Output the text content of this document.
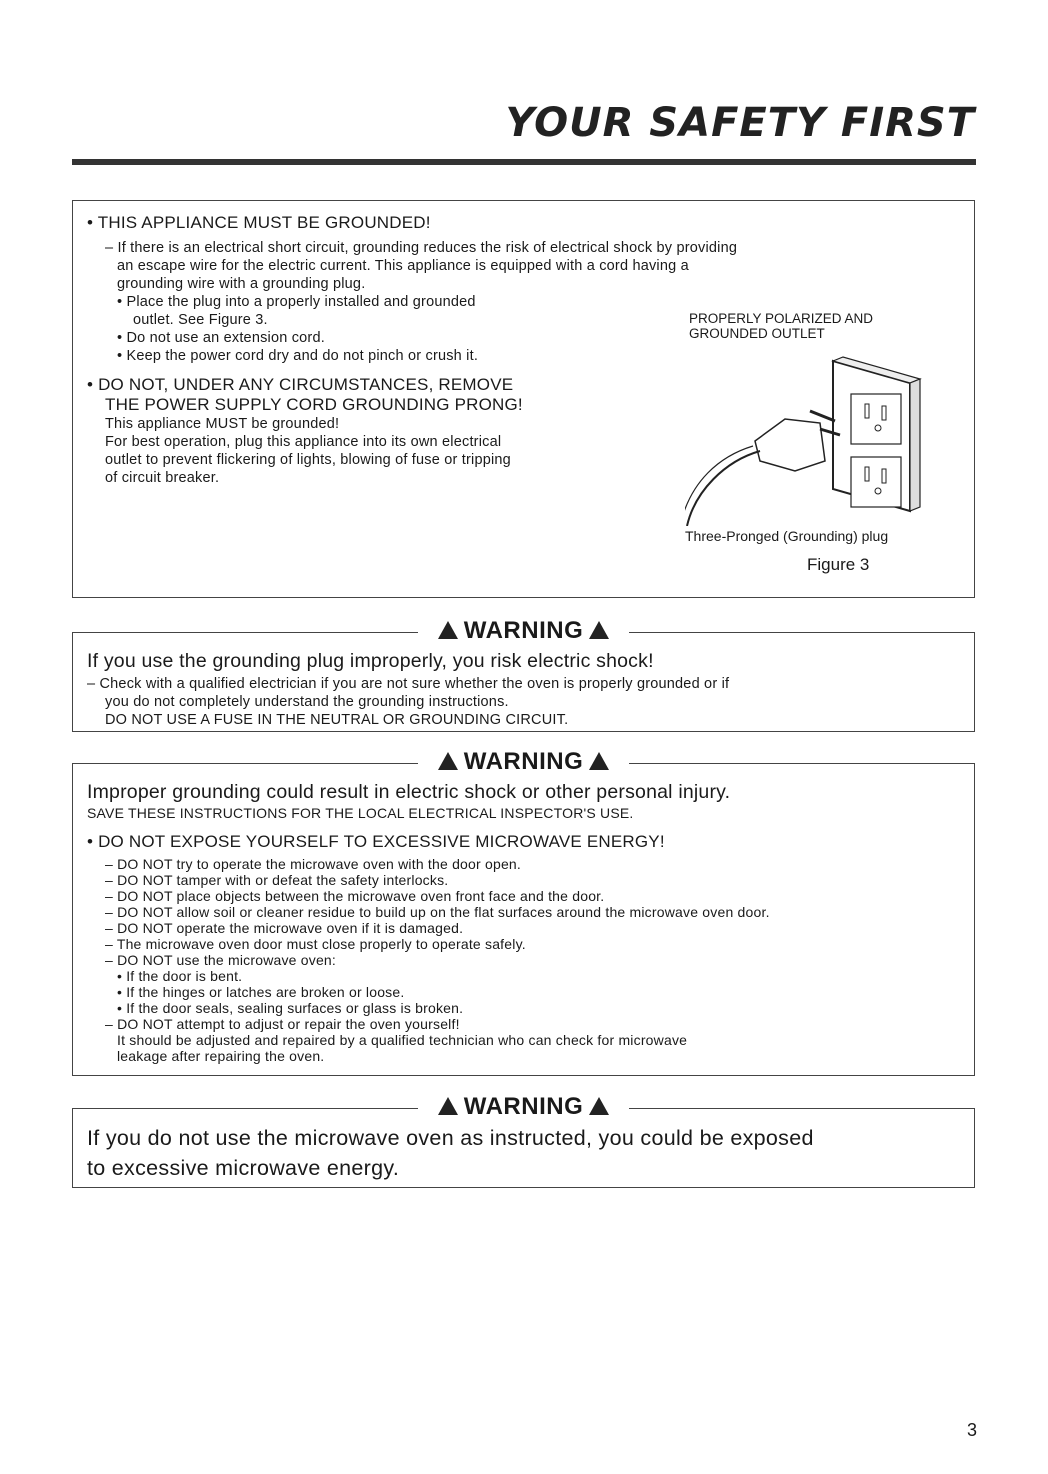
YOUR SAFETY FIRST

• THIS APPLIANCE MUST BE GROUNDED!

– If there is an electrical short circuit, grounding reduces the risk of electrical shock by providing

an escape wire for the electric current. This appliance is equipped with a cord having a

grounding wire with a grounding plug.

• Place the plug into a properly installed and grounded

outlet. See Figure 3.

• Do not use an extension cord.

• Keep the power cord dry and do not pinch or crush it.

• DO NOT, UNDER ANY CIRCUMSTANCES, REMOVE

THE POWER SUPPLY CORD GROUNDING PRONG!

This appliance MUST be grounded!

For best operation, plug this appliance into its own electrical

outlet to prevent flickering of lights, blowing of fuse or tripping

of circuit breaker.

PROPERLY POLARIZED AND
GROUNDED OUTLET
Three-Pronged (Grounding) plug
Figure 3
WARNING

If you use the grounding plug improperly, you risk electric shock!

– Check with a qualified electrician if you are not sure whether the oven is properly grounded or if

you do not completely understand the grounding instructions.

DO NOT USE A FUSE IN THE NEUTRAL OR GROUNDING CIRCUIT.

WARNING

Improper grounding could result in electric shock or other personal injury.

SAVE THESE INSTRUCTIONS FOR THE LOCAL ELECTRICAL INSPECTOR'S USE.

• DO NOT EXPOSE YOURSELF TO EXCESSIVE MICROWAVE ENERGY!

– DO NOT try to operate the microwave oven with the door open.

– DO NOT tamper with or defeat the safety interlocks.

– DO NOT place objects between the microwave oven front face and the door.

– DO NOT allow soil or cleaner residue to build up on the flat surfaces around the microwave oven door.

– DO NOT operate the microwave oven if it is damaged.

– The microwave oven door must close properly to operate safely.

– DO NOT use the microwave oven:

• If the door is bent.

• If the hinges or latches are broken or loose.

• If the door seals, sealing surfaces or glass is broken.

– DO NOT attempt to adjust or repair the oven yourself!

It should be adjusted and repaired by a qualified technician who can check for microwave

leakage after repairing the oven.

WARNING

If you do not use the microwave oven as instructed, you could be exposed

to excessive microwave energy.

3
